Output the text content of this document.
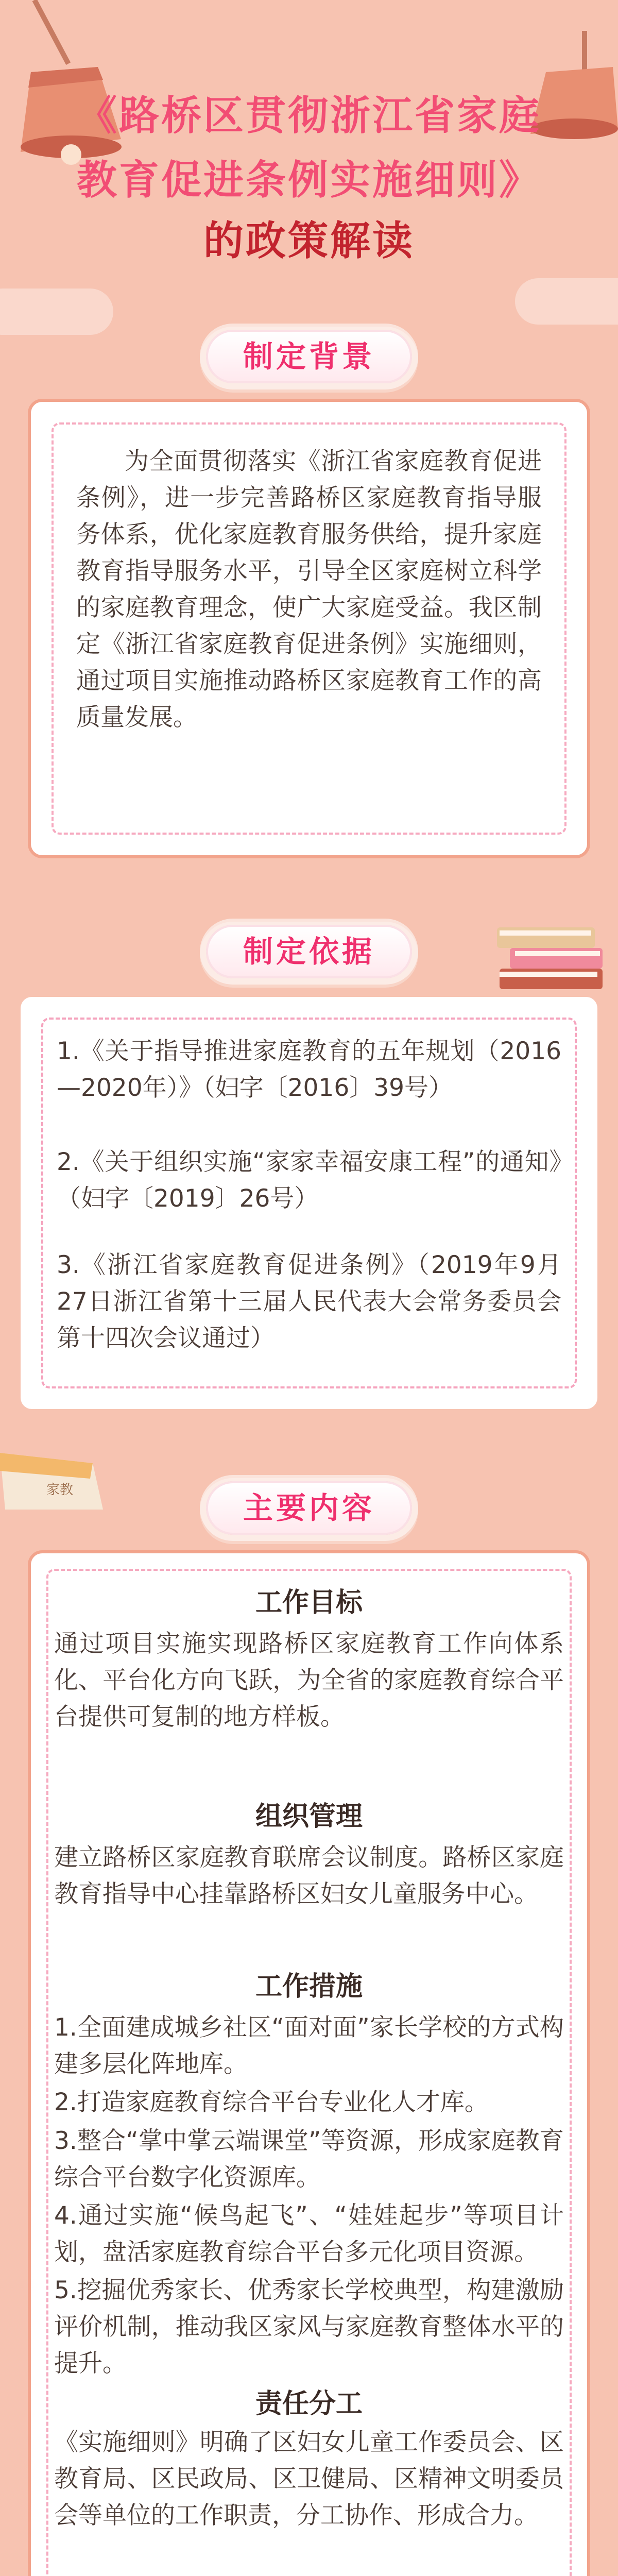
《路桥区贯彻浙江省家庭
教育促进条例实施细则》
的政策解读
制定背景
为全面贯彻落实《浙江省家庭教育促进条例》，进一步完善路桥区家庭教育指导服务体系，优化家庭教育服务供给，提升家庭教育指导服务水平，引导全区家庭树立科学的家庭教育理念，使广大家庭受益。我区制定《浙江省家庭教育促进条例》实施细则，通过项目实施推动路桥区家庭教育工作的高质量发展。
制定依据
1.《关于指导推进家庭教育的五年规划（2016—2020年）》（妇字〔2016〕39号）
2.《关于组织实施“家家幸福安康工程”的通知》（妇字〔2019〕26号）
3.《浙江省家庭教育促进条例》（2019年9月27日浙江省第十三届人民代表大会常务委员会第十四次会议通过）
家教
主要内容
工作目标
通过项目实施实现路桥区家庭教育工作向体系化、平台化方向飞跃，为全省的家庭教育综合平台提供可复制的地方样板。
组织管理
建立路桥区家庭教育联席会议制度。路桥区家庭教育指导中心挂靠路桥区妇女儿童服务中心。
工作措施
1.全面建成城乡社区“面对面”家长学校的方式构建多层化阵地库。
2.打造家庭教育综合平台专业化人才库。
3.整合“掌中掌云端课堂”等资源，形成家庭教育综合平台数字化资源库。
4.通过实施“候鸟起飞”、“娃娃起步”等项目计划，盘活家庭教育综合平台多元化项目资源。
5.挖掘优秀家长、优秀家长学校典型，构建激励评价机制，推动我区家风与家庭教育整体水平的提升。
责任分工
《实施细则》明确了区妇女儿童工作委员会、区教育局、区民政局、区卫健局、区精神文明委员会等单位的工作职责，分工协作、形成合力。
